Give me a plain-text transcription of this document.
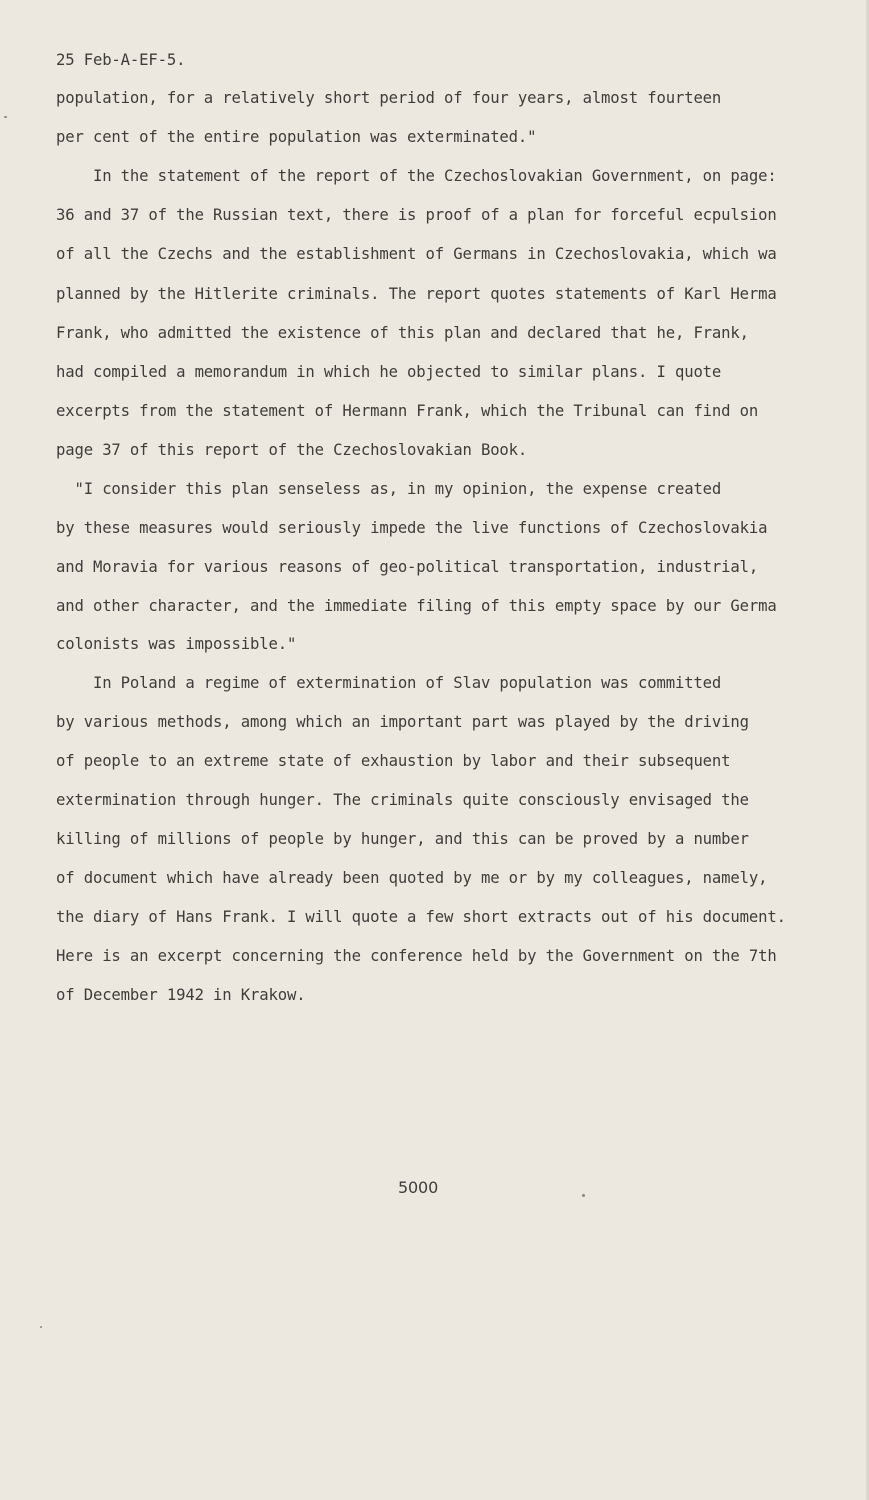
25 Feb-A-EF-5.
population, for a relatively short period of four years, almost fourteen
per cent of the entire population was exterminated."
In the statement of the report of the Czechoslovakian Government, on page:
36 and 37 of the Russian text, there is proof of a plan for forceful ecpulsion
of all the Czechs and the establishment of Germans in Czechoslovakia, which wa
planned by the Hitlerite criminals. The report quotes statements of Karl Herma
Frank, who admitted the existence of this plan and declared that he, Frank,
had compiled a memorandum in which he objected to similar plans. I quote
excerpts from the statement of Hermann Frank, which the Tribunal can find on
page 37 of this report of the Czechoslovakian Book.
"I consider this plan senseless as, in my opinion, the expense created
by these measures would seriously impede the live functions of Czechoslovakia
and Moravia for various reasons of geo-political transportation, industrial,
and other character, and the immediate filing of this empty space by our Germa
colonists was impossible."
In Poland a regime of extermination of Slav population was committed
by various methods, among which an important part was played by the driving
of people to an extreme state of exhaustion by labor and their subsequent
extermination through hunger. The criminals quite consciously envisaged the
killing of millions of people by hunger, and this can be proved by a number
of document which have already been quoted by me or by my colleagues, namely,
the diary of Hans Frank. I will quote a few short extracts out of his document.
Here is an excerpt concerning the conference held by the Government on the 7th
of December 1942 in Krakow.
5000
